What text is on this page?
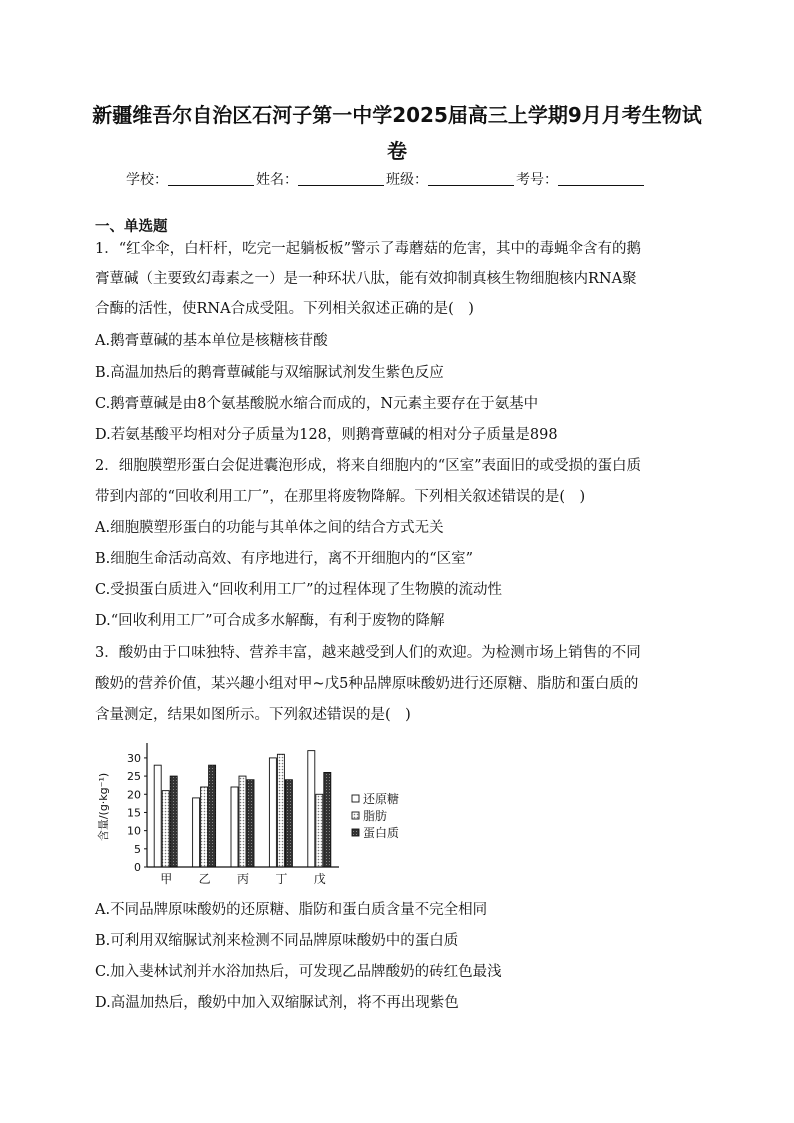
新疆维吾尔自治区石河子第一中学2025届高三上学期9月月考生物试
卷
学校：	姓名：	班级：	考号：
一、单选题
1．“红伞伞，白杆杆，吃完一起躺板板”警示了毒蘑菇的危害，其中的毒蝇伞含有的鹅
膏蕈碱（主要致幻毒素之一）是一种环状八肽，能有效抑制真核生物细胞核内RNA聚
合酶的活性，使RNA合成受阻。下列相关叙述正确的是(　)
A.鹅膏蕈碱的基本单位是核糖核苷酸
B.高温加热后的鹅膏蕈碱能与双缩脲试剂发生紫色反应
C.鹅膏蕈碱是由8个氨基酸脱水缩合而成的，N元素主要存在于氨基中
D.若氨基酸平均相对分子质量为128，则鹅膏蕈碱的相对分子质量是898
2．细胞膜塑形蛋白会促进囊泡形成，将来自细胞内的“区室”表面旧的或受损的蛋白质
带到内部的“回收利用工厂”，在那里将废物降解。下列相关叙述错误的是(　)
A.细胞膜塑形蛋白的功能与其单体之间的结合方式无关
B.细胞生命活动高效、有序地进行，离不开细胞内的“区室”
C.受损蛋白质进入“回收利用工厂”的过程体现了生物膜的流动性
D.“回收利用工厂”可合成多水解酶，有利于废物的降解
3．酸奶由于口味独特、营养丰富，越来越受到人们的欢迎。为检测市场上销售的不同
酸奶的营养价值，某兴趣小组对甲~戊5种品牌原味酸奶进行还原糖、脂肪和蛋白质的
含量测定，结果如图所示。下列叙述错误的是(　)
0
5
10
15
20
25
30
含量/(g·kg⁻¹)
甲 乙 丙 丁 戊
还原糖
脂肪
蛋白质
A.不同品牌原味酸奶的还原糖、脂防和蛋白质含量不完全相同
B.可利用双缩脲试剂来检测不同品牌原味酸奶中的蛋白质
C.加入斐林试剂并水浴加热后，可发现乙品牌酸奶的砖红色最浅
D.高温加热后，酸奶中加入双缩脲试剂，将不再出现紫色
